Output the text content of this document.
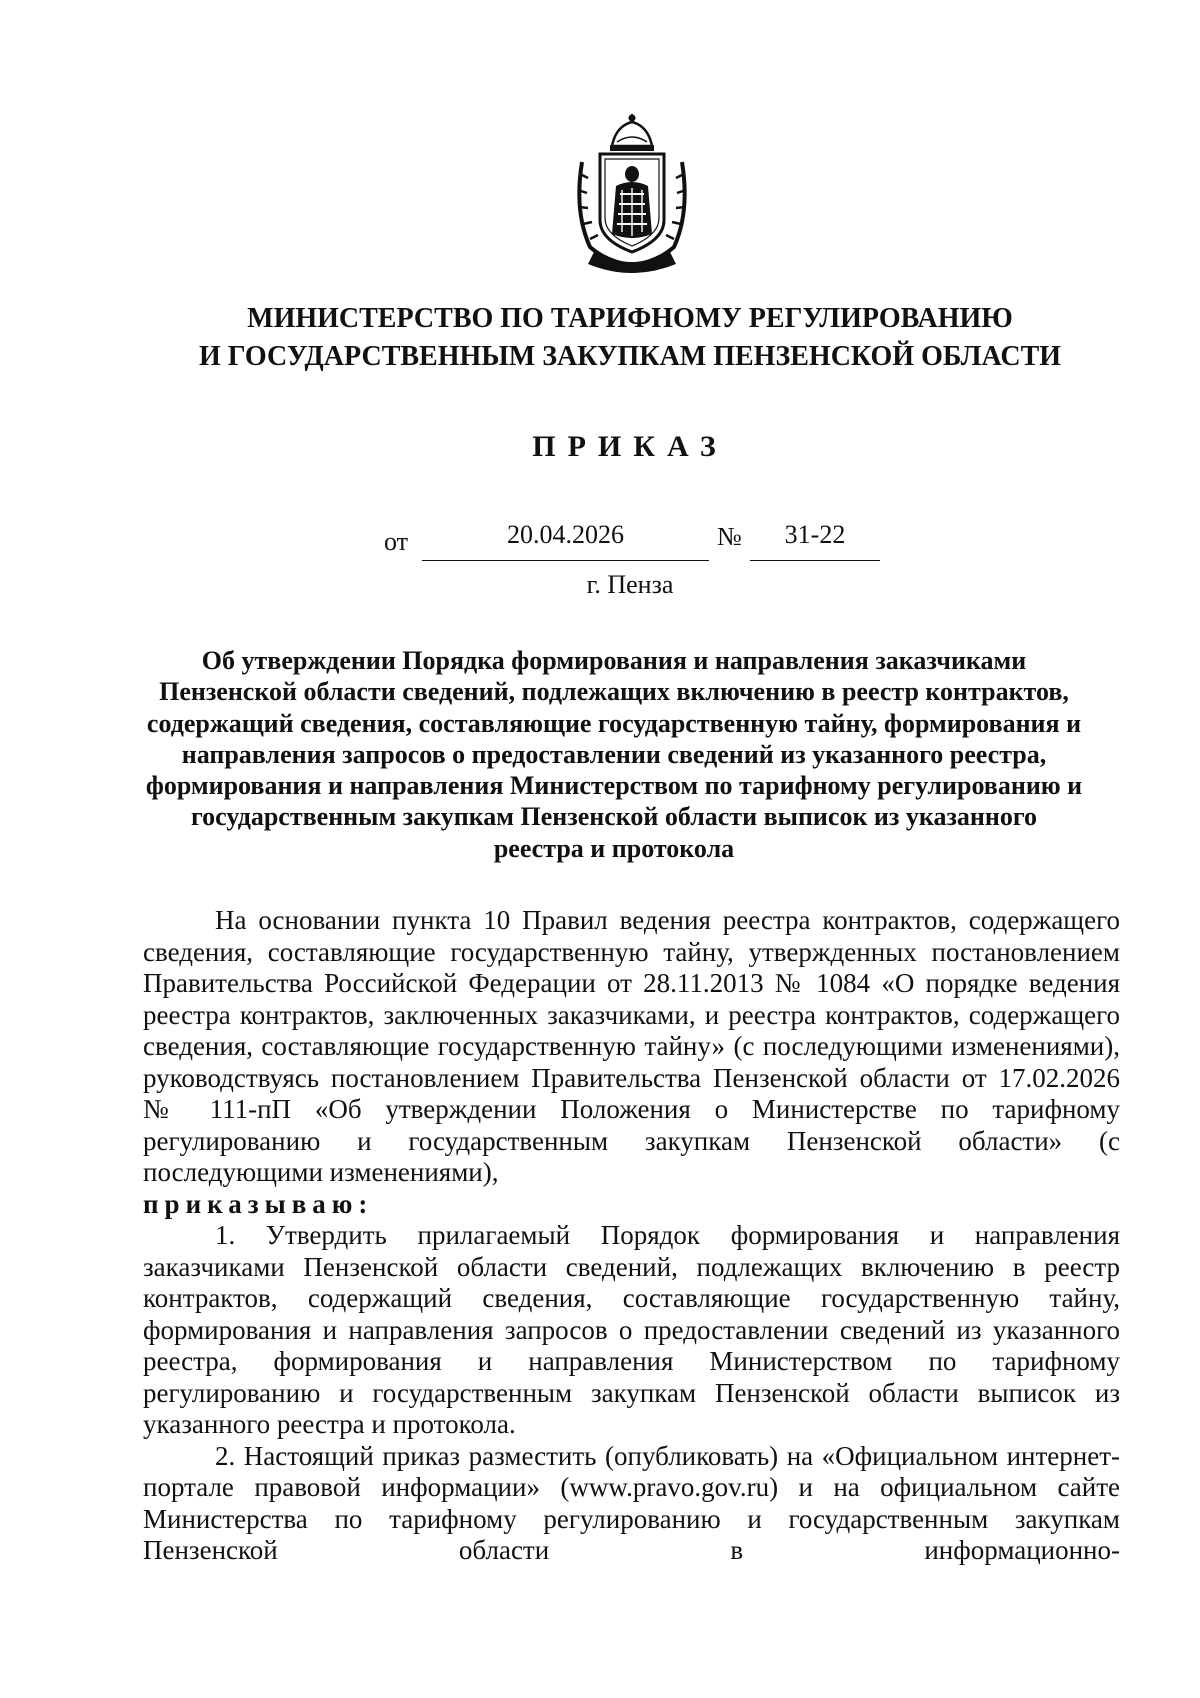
МИНИСТЕРСТВО ПО ТАРИФНОМУ РЕГУЛИРОВАНИЮ
И ГОСУДАРСТВЕННЫМ ЗАКУПКАМ ПЕНЗЕНСКОЙ ОБЛАСТИ
ПРИКАЗ
от	20.04.2026	№	31-22
г. Пенза
Об утверждении Порядка формирования и направления заказчиками Пензенской области сведений, подлежащих включению в реестр контрактов, содержащий сведения, составляющие государственную тайну, формирования и направления запросов о предоставлении сведений из указанного реестра, формирования и направления Министерством по тарифному регулированию и государственным закупкам Пензенской области выписок из указанного реестра и протокола

На основании пункта 10 Правил ведения реестра контрактов, содержащего сведения, составляющие государственную тайну, утвержденных постановлением Правительства Российской Федерации от 28.11.2013 № 1084 «О порядке ведения реестра контрактов, заключенных заказчиками, и реестра контрактов, содержащего сведения, составляющие государственную тайну» (с последующими изменениями), руководствуясь постановлением Правительства Пензенской области от 17.02.2026 № 111-пП «Об утверждении Положения о Министерстве по тарифному регулированию и государственным закупкам Пензенской области» (с последующими изменениями),

приказываю:

1. Утвердить прилагаемый Порядок формирования и направления заказчиками Пензенской области сведений, подлежащих включению в реестр контрактов, содержащий сведения, составляющие государственную тайну, формирования и направления запросов о предоставлении сведений из указанного реестра, формирования и направления Министерством по тарифному регулированию и государственным закупкам Пензенской области выписок из указанного реестра и протокола.

2. Настоящий приказ разместить (опубликовать) на «Официальном интернет-портале правовой информации» (www.pravo.gov.ru) и на официальном сайте Министерства по тарифному регулированию и государственным закупкам Пензенской области в информационно-
